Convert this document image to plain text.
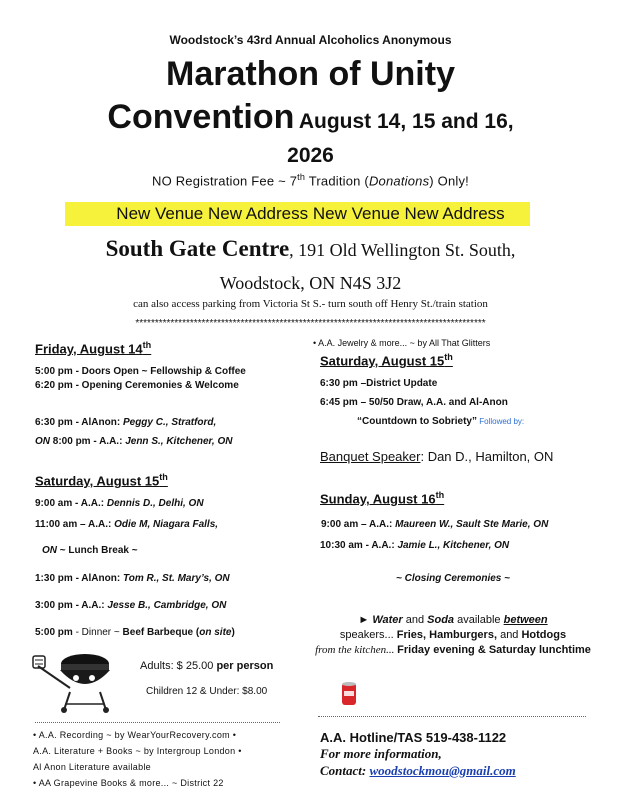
Woodstock’s 43rd Annual Alcoholics Anonymous
Marathon of Unity
Convention August 14, 15 and 16,
2026
NO Registration Fee ~ 7th Tradition (Donations) Only!
New Venue New Address New Venue New Address
South Gate Centre, 191 Old Wellington St. South,
Woodstock, ON N4S 3J2
can also access parking from Victoria St S.- turn south off Henry St./train station
******************************************************************************************
Friday, August 14th
5:00 pm - Doors Open ~ Fellowship & Coffee 6:20 pm - Opening Ceremonies & Welcome
6:30 pm - AlAnon: Peggy C., Stratford,
ON 8:00 pm - A.A.: Jenn S., Kitchener, ON
Saturday, August 15th
9:00 am - A.A.: Dennis D., Delhi, ON
11:00 am – A.A.: Odie M, Niagara Falls,
ON ~ Lunch Break ~
1:30 pm - AlAnon: Tom R., St. Mary’s, ON
3:00 pm - A.A.: Jesse B., Cambridge, ON
5:00 pm - Dinner ~ Beef Barbeque (on site)
Adults: $ 25.00 per person
Children 12 & Under: $8.00
• A.A. Recording ~ by WearYourRecovery.com •
A.A. Literature + Books ~ by Intergroup London •
Al Anon Literature available
• AA Grapevine Books & more... ~ District 22
• A.A. Jewelry & more... ~ by All That Glitters
Saturday, August 15th
6:30 pm –District Update
6:45 pm – 50/50 Draw, A.A. and Al-Anon
“Countdown to Sobriety” Followed by:
Banquet Speaker: Dan D., Hamilton, ON
Sunday, August 16th
9:00 am – A.A.: Maureen W., Sault Ste Marie, ON
10:30 am - A.A.: Jamie L., Kitchener, ON
~ Closing Ceremonies ~
► Water and Soda available between
speakers... Fries, Hamburgers, and Hotdogs
from the kitchen... Friday evening & Saturday lunchtime
A.A. Hotline/TAS 519-438-1122
For more information,
Contact: woodstockmou@gmail.com
